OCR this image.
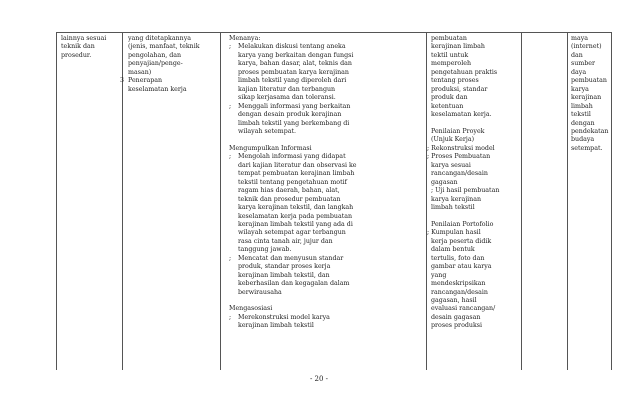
lainnya sesuai

teknik dan

prosedur.

yang ditetapkannya

(jenis, manfaat, teknik

pengolahan, dan

penyajian/penge-

masan)

3 Penerapan

keselamatan kerja

Menanya:

; Melakukan diskusi tentang aneka

karya yang berkaitan dengan fungsi

karya, bahan dasar, alat, teknis dan

proses pembuatan karya kerajinan

limbah tekstil yang diperoleh dari

kajian literatur dan terbangun

sikap kerjasama dan toleransi.

; Menggali informasi yang berkaitan

dengan desain produk kerajinan

limbah tekstil yang berkembang di

wilayah setempat.

Mengumpulkan Informasi

; Mengolah informasi yang didapat

dari kajian literatur dan observasi ke

tempat pembuatan kerajinan limbah

tekstil tentang pengetahuan motif

ragam hias daerah, bahan, alat,

teknik dan prosedur pembuatan

karya kerajinan tekstil, dan langkah

keselamatan kerja pada pembuatan

kerajinan limbah tekstil yang ada di

wilayah setempat agar terbangun

rasa cinta tanah air, jujur dan

tanggung jawab.

; Mencatat dan menyusun standar

produk, standar proses kerja

kerajinan limbah tekstil, dan

keberhasilan dan kegagalan dalam

berwirausaha

Mengasosiasi

; Merekonstruksi model karya

kerajinan limbah tekstil

pembuatan

kerajinan limbah

tektil untuk

memperoleh

pengetahuan praktis

tentang proses

produksi, standar

produk dan

ketentuan

keselamatan kerja.

Penilaian Proyek

(Unjuk Kerja)

; Rekonstruksi model

; Proses Pembuatan

karya sesuai

rancangan/desain

gagasan

; Uji hasil pembuatan

karya kerajinan

limbah tekstil

Penilaian Portofolio

; Kumpulan hasil

kerja peserta didik

dalam bentuk

tertulis, foto dan

gambar atau karya

yang

mendeskripsikan

rancangan/desain

gagasan, hasil

evaluasi rancangan/

desain gagasan

proses produksi

maya (internet)

dan sumber daya

pembuatan karya

kerajinan limbah

tekstil dengan

pendekatan

budaya setempat.

- 20 -
